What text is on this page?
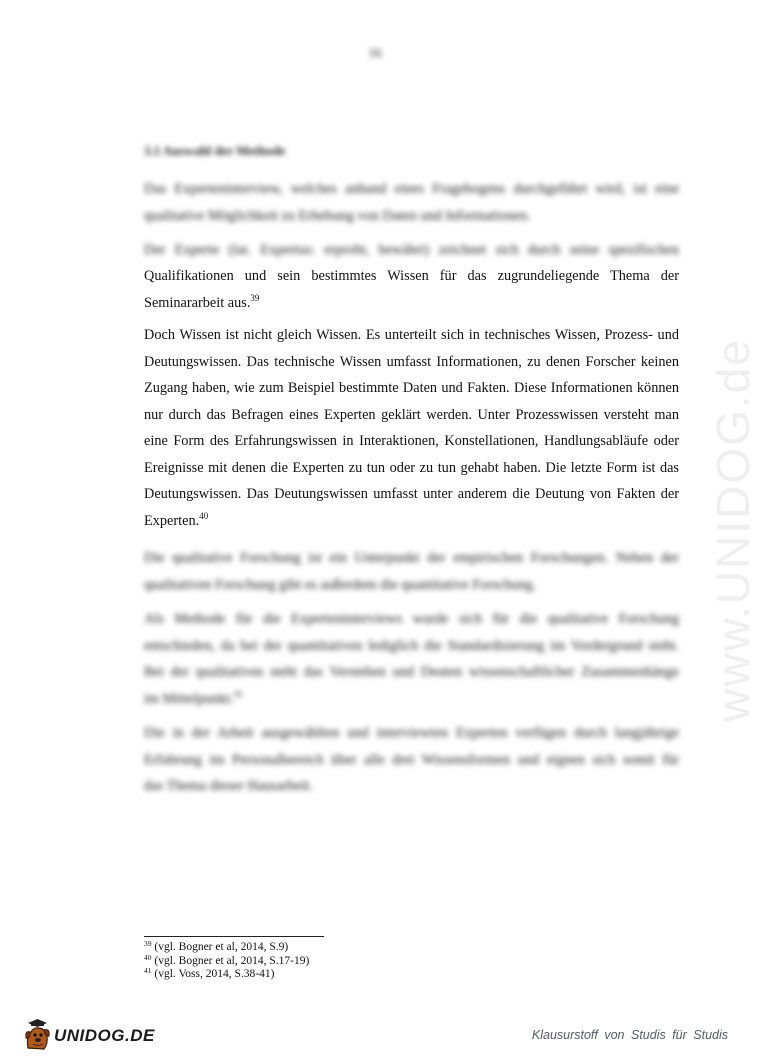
16
3.1 Auswahl der Methode
Das Experteninterview, welches anhand eines Fragebogens durchgeführt wird, ist eine
qualitative Möglichkeit zu Erhebung von Daten und Informationen.
Der Experte (lat. Expertus: erprobt, bewährt) zeichnet sich durch seine spezifischen
Qualifikationen und sein bestimmtes Wissen für das zugrundeliegende Thema der Seminararbeit aus.$^{39}$
Doch Wissen ist nicht gleich Wissen. Es unterteilt sich in technisches Wissen, Prozess- und Deutungswissen. Das technische Wissen umfasst Informationen, zu denen Forscher keinen Zugang haben, wie zum Beispiel bestimmte Daten und Fakten. Diese Informationen können nur durch das Befragen eines Experten geklärt werden. Unter Prozesswissen versteht man eine Form des Erfahrungswissen in Interaktionen, Konstellationen, Handlungsabläufe oder Ereignisse mit denen die Experten zu tun oder zu tun gehabt haben. Die letzte Form ist das Deutungswissen. Das Deutungswissen umfasst unter anderem die Deutung von Fakten der Experten.$^{40}$
Die qualitative Forschung ist ein Unterpunkt der empirischen Forschungen. Neben der
qualitativen Forschung gibt es außerdem die quantitative Forschung.
Als Methode für die Experteninterviews wurde sich für die qualitative Forschung
entschieden, da bei der quantitativen lediglich die Standardisierung im Vordergrund steht.
Bei der qualitativen steht das Verstehen und Deuten wissenschaftlicher Zusammenhänge
im Mittelpunkt.$^{41}$
Die in der Arbeit ausgewählten und interviewten Experten verfügen durch langjährige
Erfahrung im Personalbereich über alle drei Wissensformen und eignen sich somit für
das Thema dieser Hausarbeit.
www.UNIDOG.de
$^{39}$ (vgl. Bogner et al, 2014, S.9)
$^{40}$ (vgl. Bogner et al, 2014, S.17-19)
$^{41}$ (vgl. Voss, 2014, S.38-41)
UNIDOG.DE	Klausurstoff von Studis für Studis
